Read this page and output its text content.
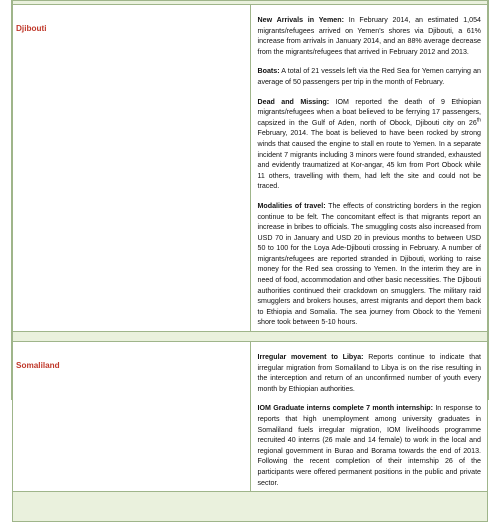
Djibouti	New Arrivals in Yemen: In February 2014, an estimated 1,054 migrants/refugees arrived on Yemen's shores via Djibouti, a 61% increase from arrivals in January 2014, and an 88% average decrease from the migrants/refugees that arrived in February 2012 and 2013.

Boats: A total of 21 vessels left via the Red Sea for Yemen carrying an average of 50 passengers per trip in the month of February.

Dead and Missing: IOM reported the death of 9 Ethiopian migrants/refugees when a boat believed to be ferrying 17 passengers, capsized in the Gulf of Aden, north of Obock, Djibouti city on 26th February, 2014. The boat is believed to have been rocked by strong winds that caused the engine to stall en route to Yemen. In a separate incident 7 migrants including 3 minors were found stranded, exhausted and evidently traumatized at Kor-angar, 45 km from Port Obock while 11 others, travelling with them, had left the site and could not be traced.

Modalities of travel: The effects of constricting borders in the region continue to be felt. The concomitant effect is that migrants report an increase in bribes to officials. The smuggling costs also increased from USD 70 in January and USD 20 in previous months to between USD 50 to 100 for the Loya Ade-Djibouti crossing in February. A number of migrants/refugees are reported stranded in Djibouti, working to raise money for the Red sea crossing to Yemen. In the interim they are in need of food, accommodation and other basic necessities. The Djibouti authorities continued their crackdown on smugglers. The military raid smugglers and brokers houses, arrest migrants and deport them back to Ethiopia and Somalia. The sea journey from Obock to the Yemeni shore took between 5-10 hours.

Somaliland	Irregular movement to Libya: Reports continue to indicate that irregular migration from Somaliland to Libya is on the rise resulting in the interception and return of an unconfirmed number of youth every month by Ethiopian authorities.

IOM Graduate interns complete 7 month internship: In response to reports that high unemployment among university graduates in Somaliland fuels irregular migration, IOM livelihoods programme recruited 40 interns (26 male and 14 female) to work in the local and regional government in Burao and Borama towards the end of 2013. Following the recent completion of their internship 26 of the participants were offered permanent positions in the public and private sector.
